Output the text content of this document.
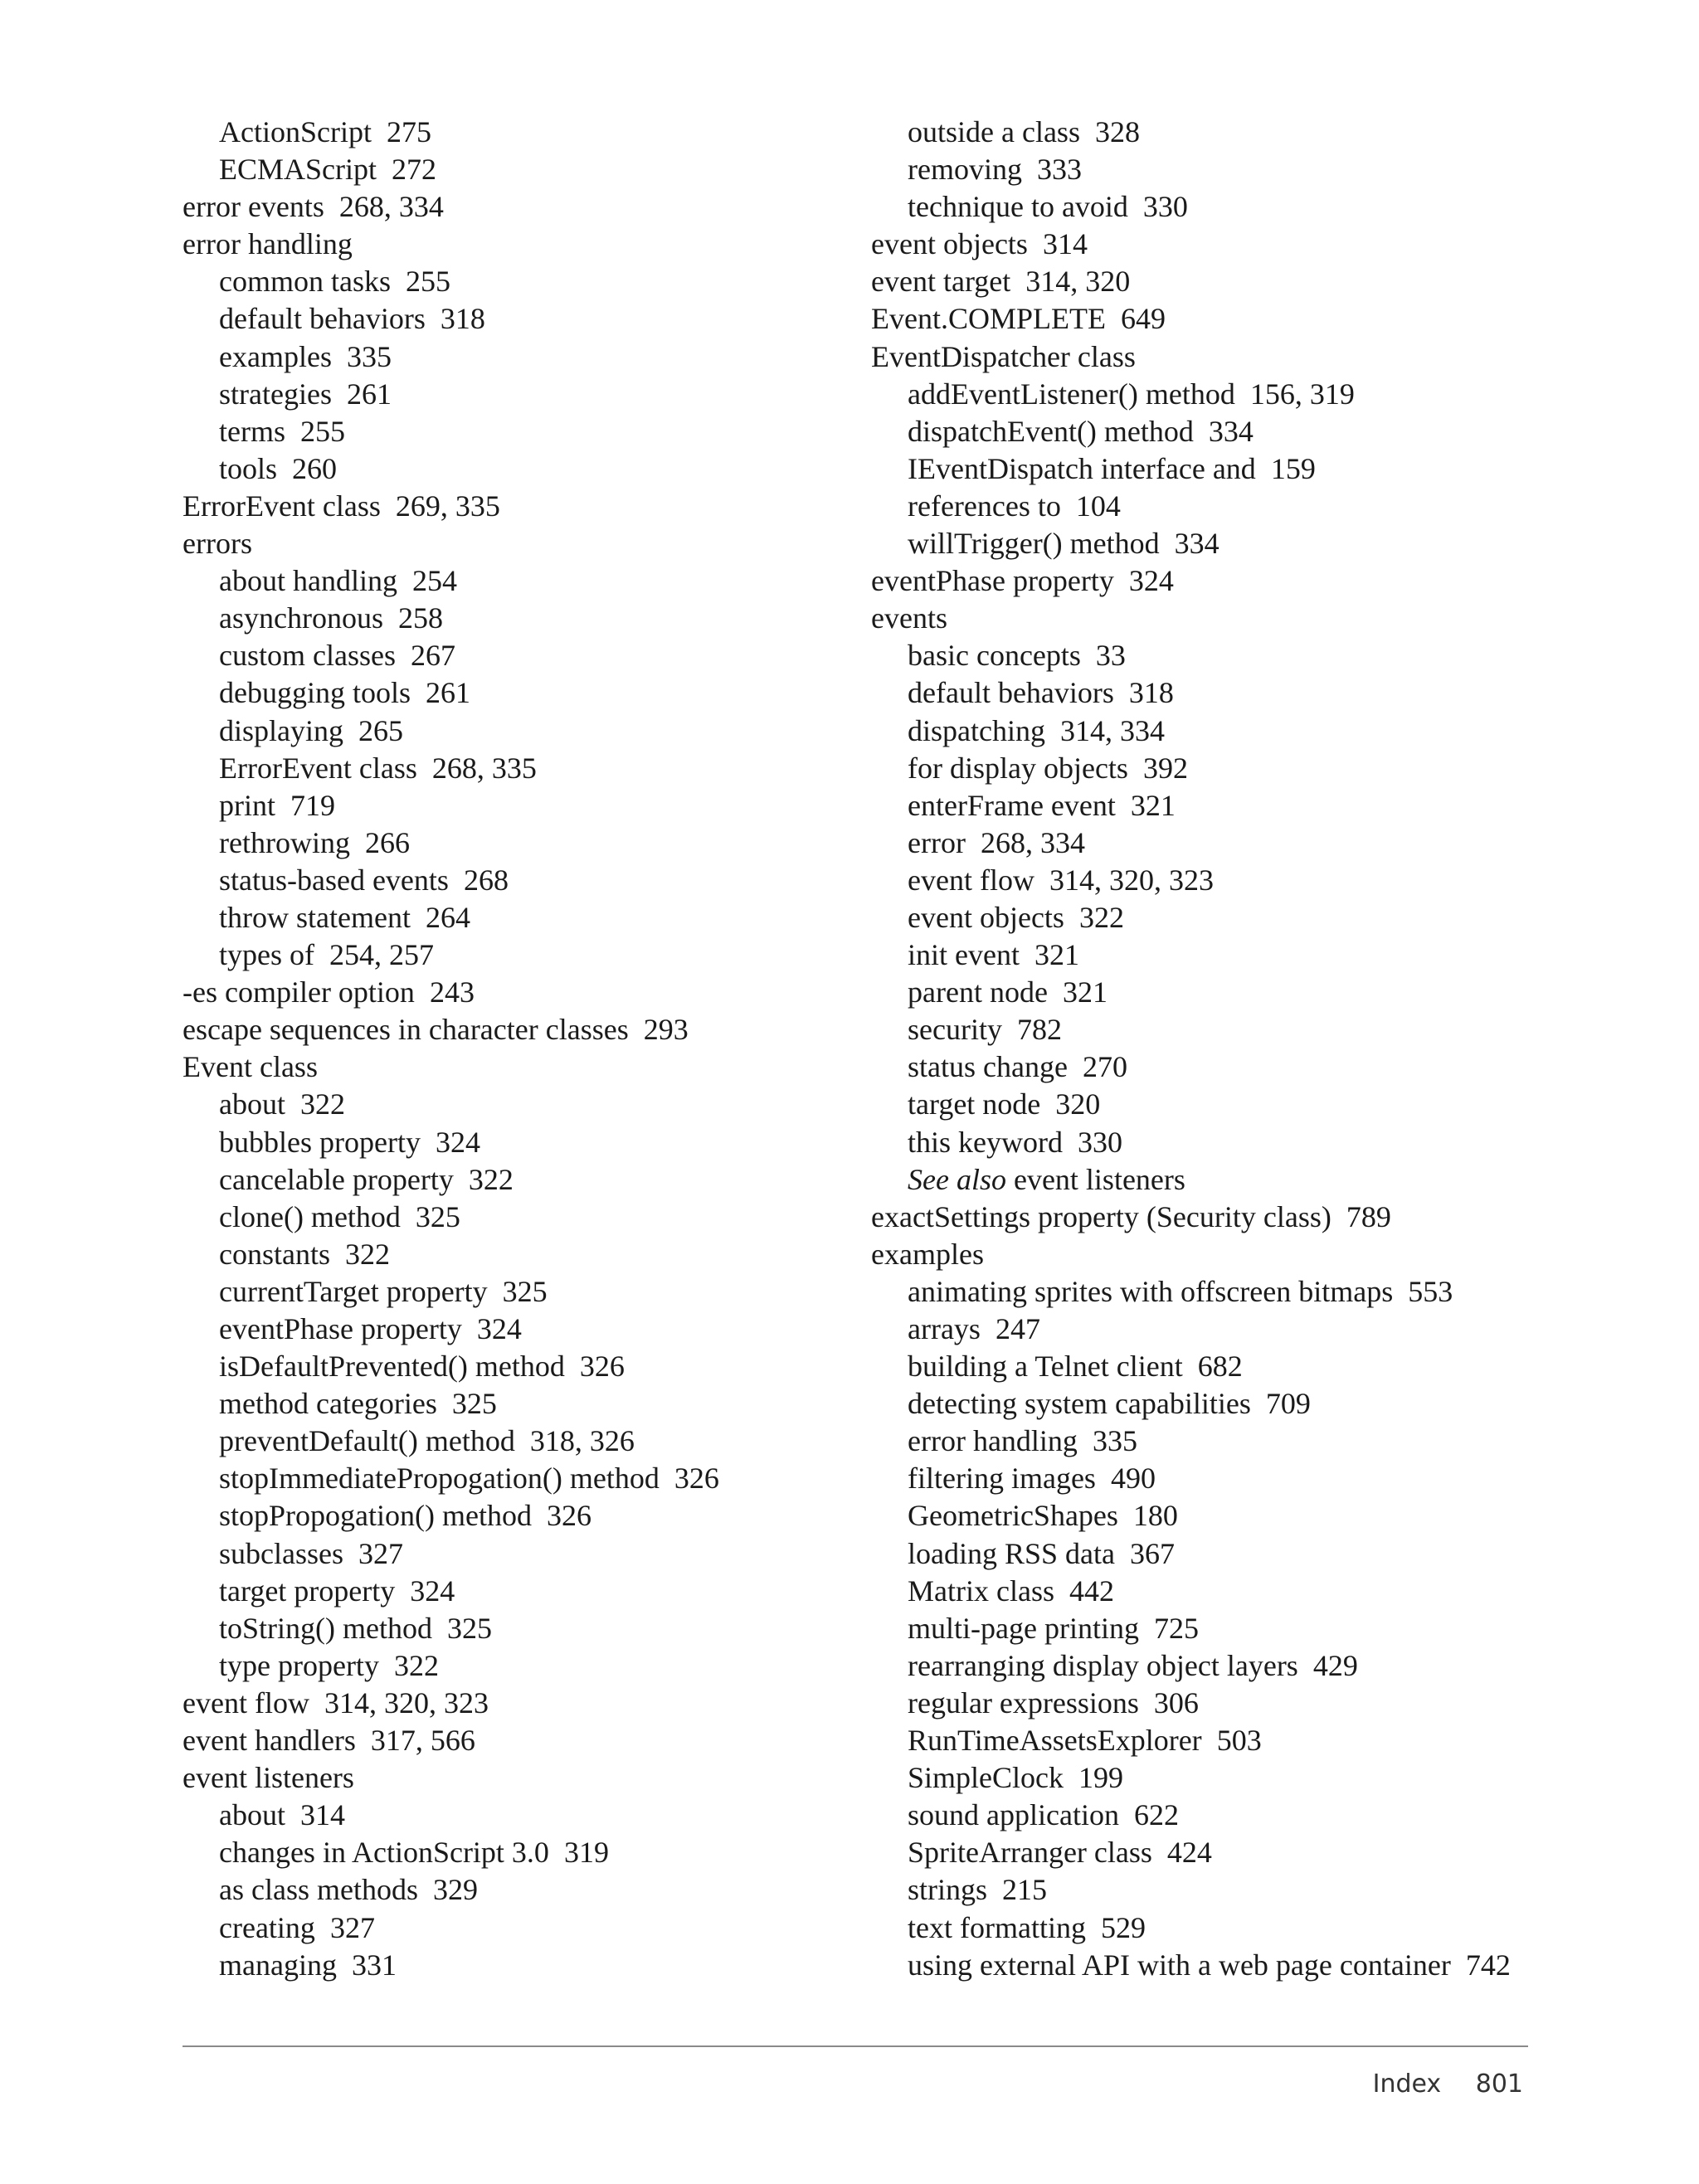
ActionScript 275
ECMAScript 272
error events 268, 334
error handling
common tasks 255
default behaviors 318
examples 335
strategies 261
terms 255
tools 260
ErrorEvent class 269, 335
errors
about handling 254
asynchronous 258
custom classes 267
debugging tools 261
displaying 265
ErrorEvent class 268, 335
print 719
rethrowing 266
status-based events 268
throw statement 264
types of 254, 257
-es compiler option 243
escape sequences in character classes 293
Event class
about 322
bubbles property 324
cancelable property 322
clone() method 325
constants 322
currentTarget property 325
eventPhase property 324
isDefaultPrevented() method 326
method categories 325
preventDefault() method 318, 326
stopImmediatePropogation() method 326
stopPropogation() method 326
subclasses 327
target property 324
toString() method 325
type property 322
event flow 314, 320, 323
event handlers 317, 566
event listeners
about 314
changes in ActionScript 3.0 319
as class methods 329
creating 327
managing 331
outside a class 328
removing 333
technique to avoid 330
event objects 314
event target 314, 320
Event.COMPLETE 649
EventDispatcher class
addEventListener() method 156, 319
dispatchEvent() method 334
IEventDispatch interface and 159
references to 104
willTrigger() method 334
eventPhase property 324
events
basic concepts 33
default behaviors 318
dispatching 314, 334
for display objects 392
enterFrame event 321
error 268, 334
event flow 314, 320, 323
event objects 322
init event 321
parent node 321
security 782
status change 270
target node 320
this keyword 330
See also event listeners
exactSettings property (Security class) 789
examples
animating sprites with offscreen bitmaps 553
arrays 247
building a Telnet client 682
detecting system capabilities 709
error handling 335
filtering images 490
GeometricShapes 180
loading RSS data 367
Matrix class 442
multi-page printing 725
rearranging display object layers 429
regular expressions 306
RunTimeAssetsExplorer 503
SimpleClock 199
sound application 622
SpriteArranger class 424
strings 215
text formatting 529
using external API with a web page container 742
Index 801
